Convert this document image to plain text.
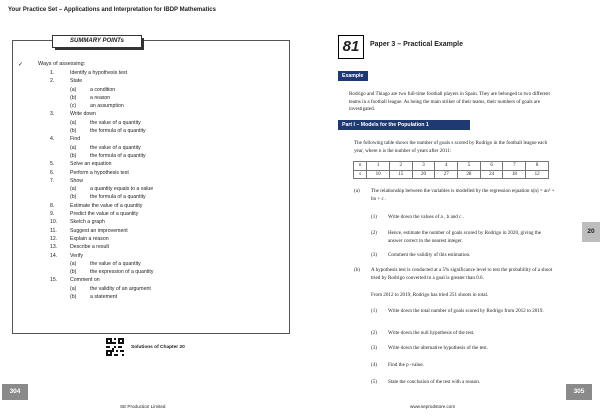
Your Practice Set – Applications and Interpretation for IBDP Mathematics
SUMMARY POINTs
✓	Ways of assessing:
1.	Identify a hypothesis test
2.	State
(a)	a condition
(b)	a reason
(c)	an assumption
3.	Write down
(a)	the value of a quantity
(b)	the formula of a quantity
4.	Find
(a)	the value of a quantity
(b)	the formula of a quantity
5.	Solve an equation
6.	Perform a hypothesis test
7.	Show
(a)	a quantity equals to a value
(b)	the formula of a quantity
8.	Estimate the value of a quantity
9.	Predict the value of a quantity
10. Sketch a graph
11.	Suggest an improvement
12. Explain a reason
13. Describe a result
14. Verify
(a)	the value of a quantity
(b)	the expression of a quantity
15. Comment on
(a)	the validity of an argument
(b)	a statement
Solutions of Chapter 20
304
SE Production Limited
81	Paper 3 – Practical Example
Example
Rodrigo and Thiago are two full-time football players in Spain. They are belonged to two different teams in a football league. As being the main striker of their teams, their numbers of goals are investigated.
Part I – Models for the Population 1
The following table shows the number of goals s scored by Rodrigo in the football league each year, where n is the number of years after 2011:
n	1	2	3	4	5	6	7	8
s	10	15	20	27	28	24	18	12
(a) The relationship between the variables is modelled by the regression equation s(n) = an² + bn + c .
(1) Write down the values of a , b and c .
(2) Hence, estimate the number of goals scored by Rodrigo in 2020, giving the answer correct to the nearest integer.
(3) Comment the validity of this estimation.
(b) A hypothesis test is conducted at a 5% significance level to test the probability of a shoot tried by Rodrigo converted to a goal is greater than 0.6.
From 2012 to 2019, Rodrigo has tried 251 shoots in total.
(1) Write down the total number of goals scored by Rodrigo from 2012 to 2019.
(2) Write down the null hypothesis of the test.
(3) Write down the alternative hypothesis of the test.
(4) Find the p -value.
(5) State the conclusion of the test with a reason.
20
305
www.seprodstore.com
